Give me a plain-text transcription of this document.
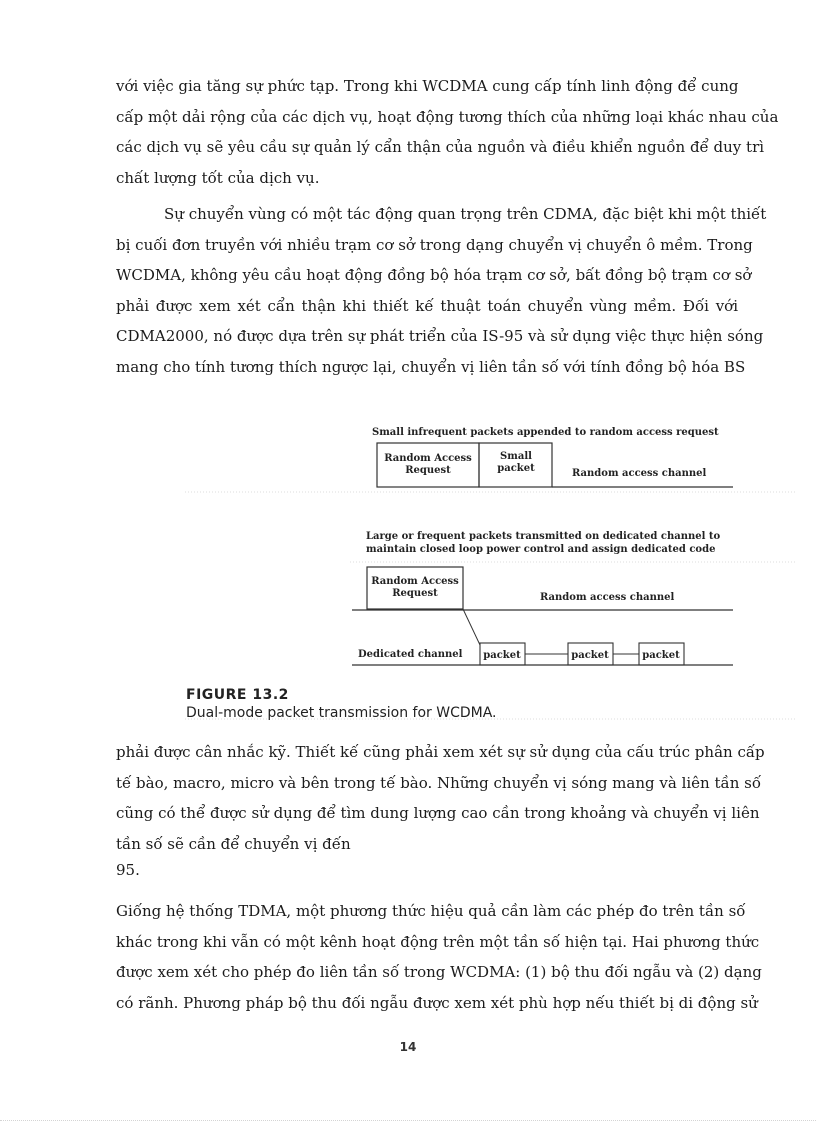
với việc gia tăng sự phức tạp. Trong khi WCDMA cung cấp tính linh động để cung
cấp một dải rộng của các dịch vụ, hoạt động tương thích của những loại khác nhau của
các dịch vụ sẽ yêu cầu sự quản lý cẩn thận của nguồn và điều khiển nguồn để duy trì
chất lượng tốt của dịch vụ.
Sự chuyển vùng có một tác động quan trọng trên CDMA, đặc biệt khi một thiết
bị cuối đơn truyền với nhiều trạm cơ sở trong dạng chuyển vị chuyển ô mềm. Trong
WCDMA, không yêu cầu hoạt động đồng bộ hóa trạm cơ sở, bất đồng bộ trạm cơ sở
phải được xem xét cẩn thận khi thiết kế thuật toán chuyển vùng mềm. Đối với
CDMA2000, nó được dựa trên sự phát triển của IS-95 và sử dụng việc thực hiện sóng
mang cho tính tương thích ngược lại, chuyển vị liên tần số với tính đồng bộ hóa BS
Small infrequent packets appended to random access request
Random Access
Request
Small
packet	Random access channel
Large or frequent packets transmitted on dedicated channel to
maintain closed loop power control and assign dedicated code
Random Access
Request	Random access channel
Dedicated channel packet	packet	packet
FIGURE 13.2
Dual-mode packet transmission for WCDMA.
phải được cân nhắc kỹ. Thiết kế cũng phải xem xét sự sử dụng của cấu trúc phân cấp
tế bào, macro, micro và bên trong tế bào. Những chuyển vị sóng mang và liên tần số
cũng có thể được sử dụng để tìm dung lượng cao cần trong khoảng và chuyển vị liên
tần số sẽ cần để chuyển vị đến
95.
Giống hệ thống TDMA, một phương thức hiệu quả cần làm các phép đo trên tần số
khác trong khi vẫn có một kênh hoạt động trên một tần số hiện tại. Hai phương thức
được xem xét cho phép đo liên tần số trong WCDMA: (1) bộ thu đối ngẫu và (2) dạng
có rãnh. Phương pháp bộ thu đối ngẫu được xem xét phù hợp nếu thiết bị di động sử
14
